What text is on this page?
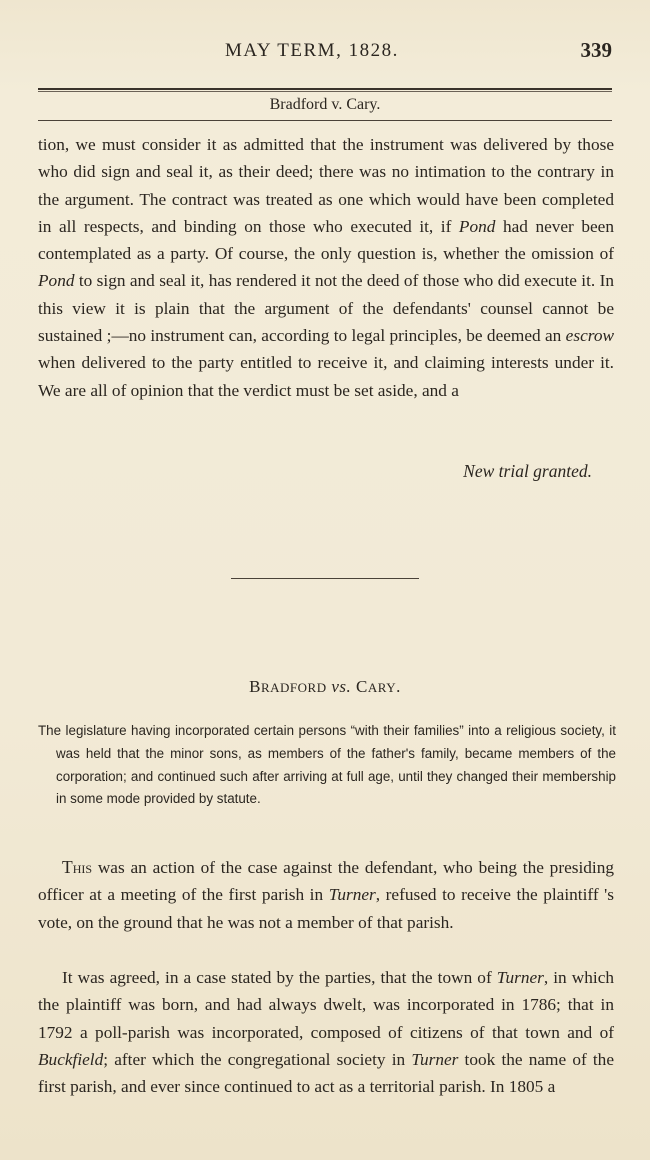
MAY TERM, 1828.	339
Bradford v. Cary.

tion, we must consider it as admitted that the instrument was delivered by those who did sign and seal it, as their deed; there was no intimation to the contrary in the argument. The contract was treated as one which would have been completed in all respects, and binding on those who executed it, if Pond had never been contemplated as a party. Of course, the only question is, whether the omission of Pond to sign and seal it, has rendered it not the deed of those who did execute it. In this view it is plain that the argument of the defendants' counsel cannot be sustained ;—no instrument can, according to legal principles, be deemed an escrow when delivered to the party entitled to receive it, and claiming interests under it. We are all of opinion that the verdict must be set aside, and a

New trial granted.
BRADFORD vs. CARY.
The legislature having incorporated certain persons “with their families” into a religious society, it was held that the minor sons, as members of the father's family, became members of the corporation; and continued such after arriving at full age, until they changed their membership in some mode provided by statute.

This was an action of the case against the defendant, who being the presiding officer at a meeting of the first parish in Turner, refused to receive the plaintiff 's vote, on the ground that he was not a member of that parish.

It was agreed, in a case stated by the parties, that the town of Turner, in which the plaintiff was born, and had always dwelt, was incorporated in 1786; that in 1792 a poll-parish was incorporated, composed of citizens of that town and of Buckfield; after which the congregational society in Turner took the name of the first parish, and ever since continued to act as a territorial parish. In 1805 a
